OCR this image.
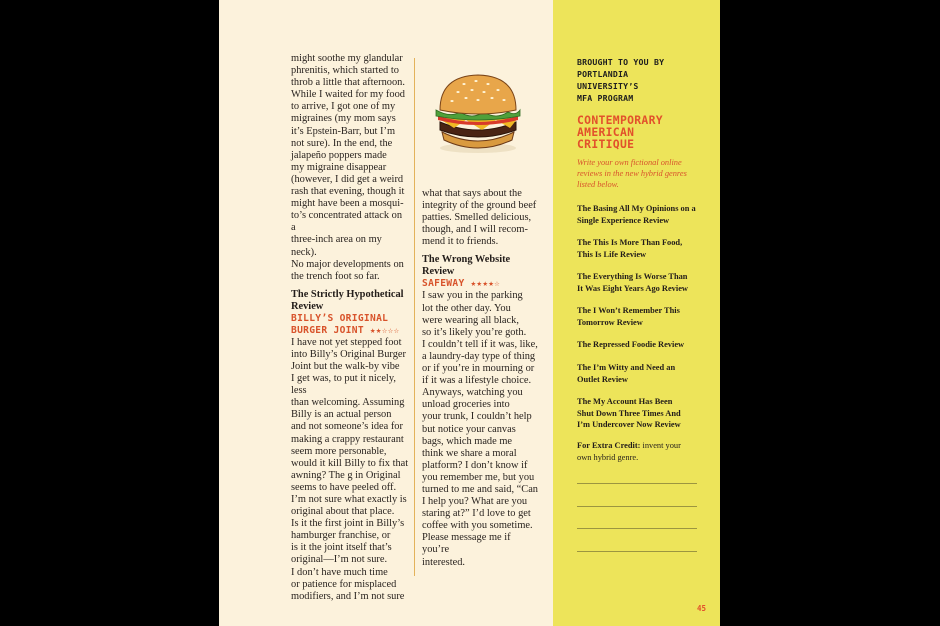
might soothe my glandular

phrenitis, which started to

throb a little that afternoon.

While I waited for my food

to arrive, I got one of my

migraines (my mom says

it’s Epstein-Barr, but I’m

not sure). In the end, the

jalapeño poppers made

my migraine disappear

(however, I did get a weird

rash that evening, though it

might have been a mosqui-

to’s concentrated attack on a

three-inch area on my neck).

No major developments on

the trench foot so far.

The Strictly Hypothetical
Review

BILLY’S ORIGINAL

BURGER JOINT ★★☆☆☆

I have not yet stepped foot

into Billy’s Original Burger

Joint but the walk-by vibe

I get was, to put it nicely, less

than welcoming. Assuming

Billy is an actual person

and not someone’s idea for

making a crappy restaurant

seem more personable,

would it kill Billy to fix that

awning? The g in Original

seems to have peeled off.

I’m not sure what exactly is

original about that place.

Is it the first joint in Billy’s

hamburger franchise, or

is it the joint itself that’s

original—I’m not sure.

I don’t have much time

or patience for misplaced

modifiers, and I’m not sure

what that says about the

integrity of the ground beef

patties. Smelled delicious,

though, and I will recom-

mend it to friends.

The Wrong Website
Review

SAFEWAY ★★★★☆

I saw you in the parking

lot the other day. You

were wearing all black,

so it’s likely you’re goth.

I couldn’t tell if it was, like,

a laundry-day type of thing

or if you’re in mourning or

if it was a lifestyle choice.

Anyways, watching you

unload groceries into

your trunk, I couldn’t help

but notice your canvas

bags, which made me

think we share a moral

platform? I don’t know if

you remember me, but you

turned to me and said, “Can

I help you? What are you

staring at?” I’d love to get

coffee with you sometime.

Please message me if you’re

interested.

BROUGHT TO YOU BY
PORTLANDIA
UNIVERSITY’S
MFA PROGRAM
CONTEMPORARY
AMERICAN
CRITIQUE
Write your own fictional online
reviews in the new hybrid genres
listed below.
The Basing All My Opinions on a
Single Experience Review
The This Is More Than Food,
This Is Life Review
The Everything Is Worse Than
It Was Eight Years Ago Review
The I Won’t Remember This
Tomorrow Review
The Repressed Foodie Review
The I’m Witty and Need an
Outlet Review
The My Account Has Been
Shut Down Three Times And
I’m Undercover Now Review
For Extra Credit: invent your
own hybrid genre.
45
